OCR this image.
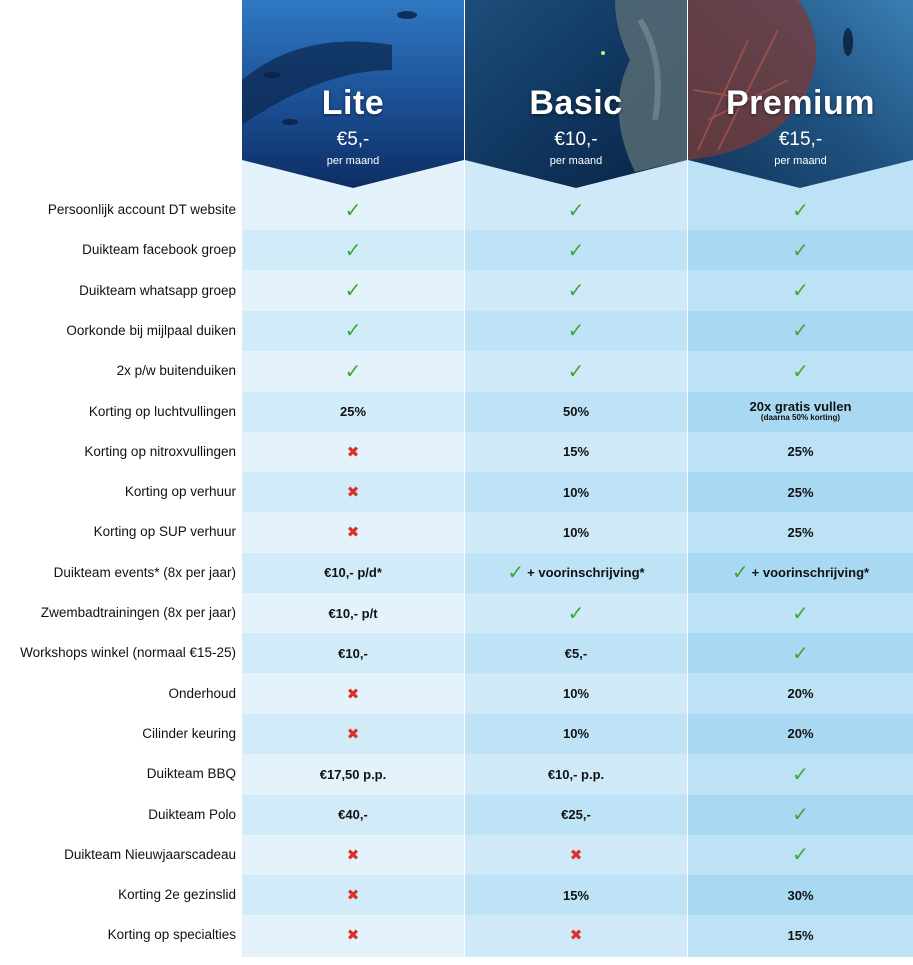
Lite
€5,-
per maand
Basic
€10,-
per maand
Premium
€15,-
per maand
Persoonlijk account DT website	✓	✓	✓
Duikteam facebook groep	✓	✓	✓
Duikteam whatsapp groep	✓	✓	✓
Oorkonde bij mijlpaal duiken	✓	✓	✓
2x p/w buitenduiken	✓	✓	✓
Korting op luchtvullingen	25%	50%	20x gratis vullen
(daarna 50% korting)
Korting op nitroxvullingen	✖	15%	25%
Korting op verhuur	✖	10%	25%
Korting op SUP verhuur	✖	10%	25%
Duikteam events* (8x per jaar)	€10,- p/d*	✓ + voorinschrijving*	✓ + voorinschrijving*
Zwembadtrainingen (8x per jaar)	€10,- p/t	✓	✓
Workshops winkel (normaal €15-25)	€10,-	€5,-	✓
Onderhoud	✖	10%	20%
Cilinder keuring	✖	10%	20%
Duikteam BBQ	€17,50 p.p.	€10,- p.p.	✓
Duikteam Polo	€40,-	€25,-	✓
Duikteam Nieuwjaarscadeau	✖	✖	✓
Korting 2e gezinslid	✖	15%	30%
Korting op specialties	✖	✖	15%
